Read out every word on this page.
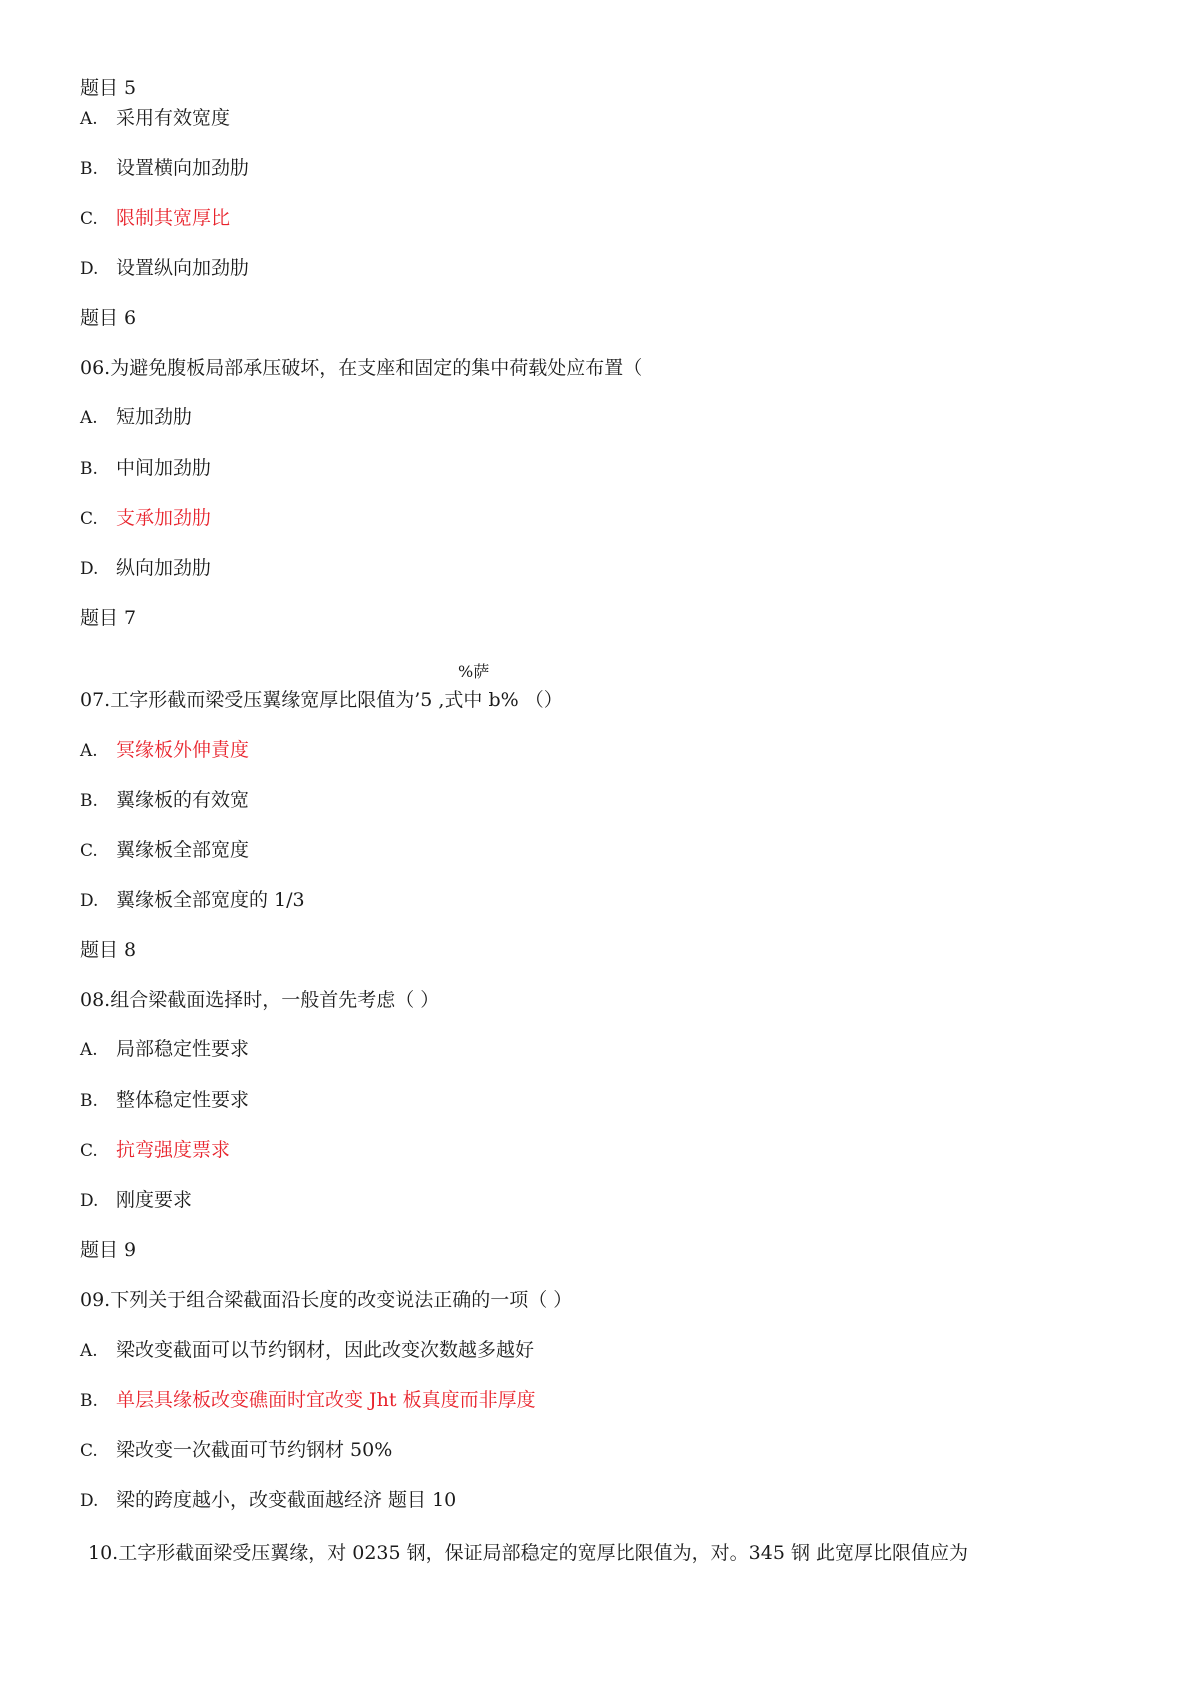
题目 5
A. 采用有效宽度
B. 设置横向加劲肋
C. 限制其宽厚比
D. 设置纵向加劲肋
题目 6
06.为避免腹板局部承压破坏，在支座和固定的集中荷载处应布置（
A. 短加劲肋
B. 中间加劲肋
C. 支承加劲肋
D. 纵向加劲肋
题目 7
%萨
07.工字形截而梁受压翼缘宽厚比限值为’5 ,式中 b% （）
A. 冥缘板外伸責度
B. 翼缘板的有效宽
C. 翼缘板全部宽度
D. 翼缘板全部宽度的 1/3
题目 8
08.组合梁截面选择时，一般首先考虑（ ）
A. 局部稳定性要求
B. 整体稳定性要求
C. 抗弯强度票求
D. 刚度要求
题目 9
09.下列关于组合梁截面沿长度的改变说法正确的一项（ ）
A. 梁改变截面可以节约钢材，因此改变次数越多越好
B. 单层具缘板改变礁面时宜改变 Jht 板真度而非厚度
C. 梁改变一次截面可节约钢材 50%
D. 梁的跨度越小，改变截面越经济 题目 10
10.工字形截面梁受压翼缘，对 0235 钢，保证局部稳定的宽厚比限值为，对。345 钢 此宽厚比限值应为
